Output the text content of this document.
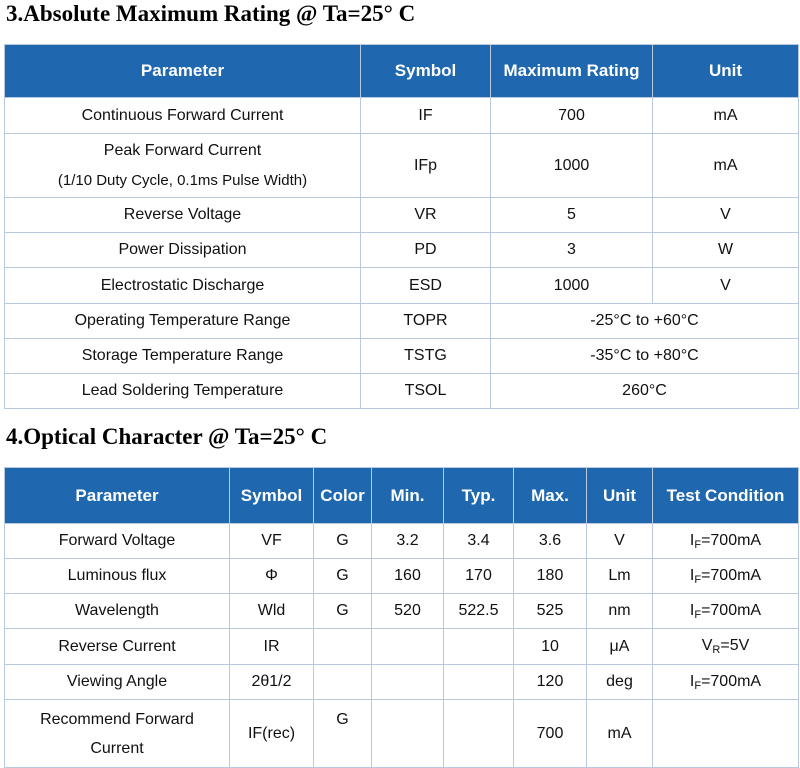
3.Absolute Maximum Rating @ Ta=25° C
Parameter	Symbol	Maximum Rating	Unit
Continuous Forward Current	IF	700	mA

Peak Forward Current
(1/10 Duty Cycle, 0.1ms Pulse Width)	IFp	1000	mA
Reverse Voltage	VR	5	V
Power Dissipation	PD	3	W
Electrostatic Discharge	ESD	1000	V
Operating Temperature Range	TOPR	-25°C to +60°C	
Storage Temperature Range	TSTG	-35°C to +80°C	
Lead Soldering Temperature	TSOL	260°C	
4.Optical Character @ Ta=25° C
Parameter	Symbol	Color	Min.	Typ.	Max.	Unit	Test Condition
Forward Voltage	VF	G	3.2	3.4	3.6	V	$I_F=700mA$
Luminous flux	Φ	G	160	170	180	Lm	$I_F=700mA$
Wavelength	Wld	G	520	522.5	525	nm	$I_F=700mA$
Reverse Current	IR				10	μA	$V_R=5V$
Viewing Angle	2θ1/2				120	deg	$I_F=700mA$
Recommend Forward
Current	IF(rec)	G			700	mA	
